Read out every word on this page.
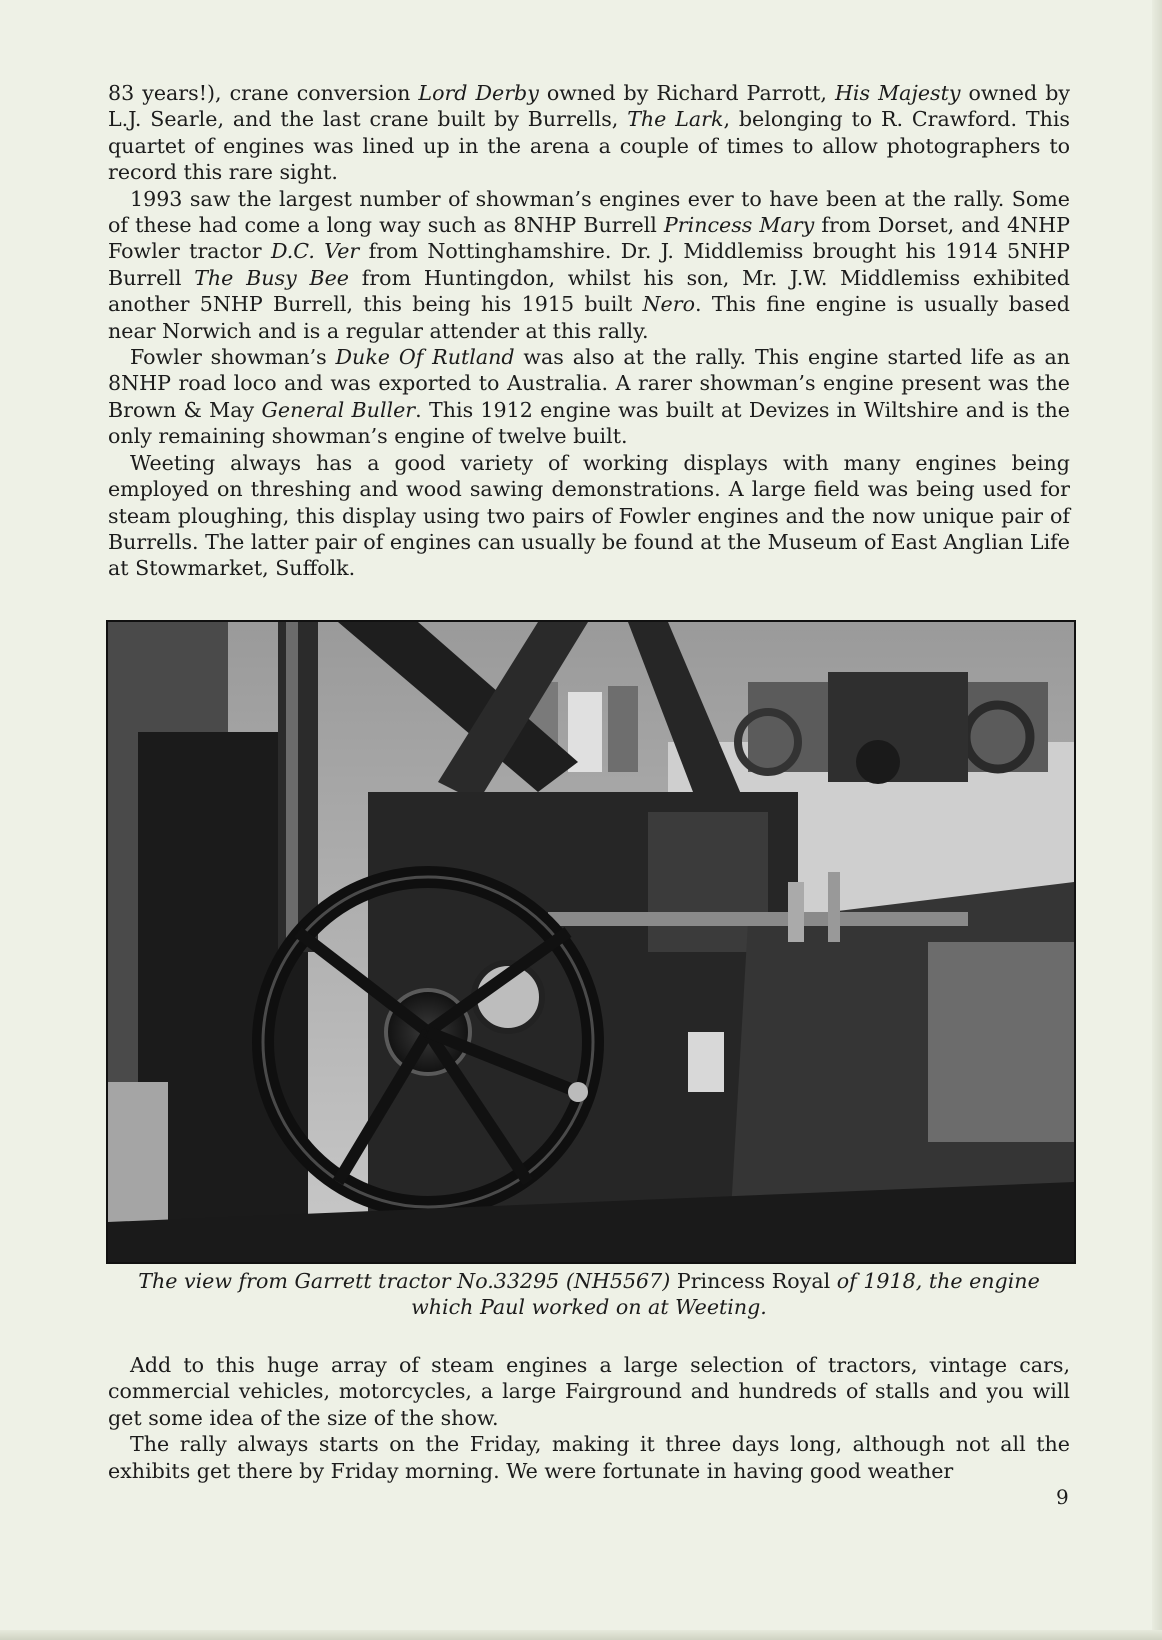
83 years!), crane conversion Lord Derby owned by Richard Parrott, His Majesty owned by L.J. Searle, and the last crane built by Burrells, The Lark, belonging to R. Crawford. This quartet of engines was lined up in the arena a couple of times to allow photographers to record this rare sight.

1993 saw the largest number of showman’s engines ever to have been at the rally. Some of these had come a long way such as 8NHP Burrell Princess Mary from Dorset, and 4NHP Fowler tractor D.C. Ver from Nottinghamshire. Dr. J. Middlemiss brought his 1914 5NHP Burrell The Busy Bee from Huntingdon, whilst his son, Mr. J.W. Middlemiss exhibited another 5NHP Burrell, this being his 1915 built Nero. This fine engine is usually based near Norwich and is a regular attender at this rally.

Fowler showman’s Duke Of Rutland was also at the rally. This engine started life as an 8NHP road loco and was exported to Australia. A rarer showman’s engine present was the Brown & May General Buller. This 1912 engine was built at Devizes in Wiltshire and is the only remaining showman’s engine of twelve built.

Weeting always has a good variety of working displays with many engines being employed on threshing and wood sawing demonstrations. A large field was being used for steam ploughing, this display using two pairs of Fowler engines and the now unique pair of Burrells. The latter pair of engines can usually be found at the Museum of East Anglian Life at Stowmarket, Suffolk.

The view from Garrett tractor No.33295 (NH5567) Princess Royal of 1918, the engine which Paul worked on at Weeting.

Add to this huge array of steam engines a large selection of tractors, vintage cars, commercial vehicles, motorcycles, a large Fairground and hundreds of stalls and you will get some idea of the size of the show.

The rally always starts on the Friday, making it three days long, although not all the exhibits get there by Friday morning. We were fortunate in having good weather

9
